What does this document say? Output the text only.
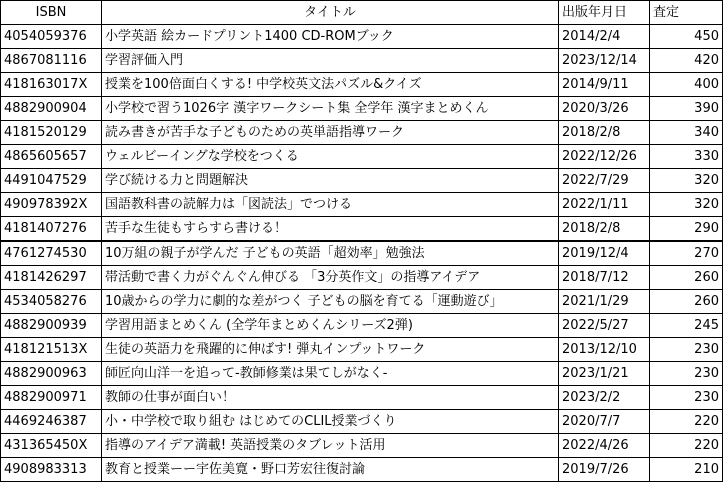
ISBN	タイトル	出版年月日	査定
4054059376	小学英語 絵カードプリント1400 CD-ROMブック	2014/2/4	450
4867081116	学習評価入門	2023/12/14	420
418163017X	授業を100倍面白くする! 中学校英文法パズル&クイズ	2014/9/11	400
4882900904	小学校で習う1026字 漢字ワークシート集 全学年 漢字まとめくん	2020/3/26	390
4181520129	読み書きが苦手な子どものための英単語指導ワーク	2018/2/8	340
4865605657	ウェルビーイングな学校をつくる	2022/12/26	330
4491047529	学び続ける力と問題解決	2022/7/29	320
490978392X	国語教科書の読解力は「図読法」でつける	2022/1/11	320
4181407276	苦手な生徒もすらすら書ける！	2018/2/8	290
4761274530	10万組の親子が学んだ 子どもの英語「超効率」勉強法	2019/12/4	270
4181426297	帯活動で書く力がぐんぐん伸びる 「3分英作文」の指導アイデア	2018/7/12	260
4534058276	10歳からの学力に劇的な差がつく 子どもの脳を育てる「運動遊び」	2021/1/29	260
4882900939	学習用語まとめくん (全学年まとめくんシリーズ2弾)	2022/5/27	245
418121513X	生徒の英語力を飛躍的に伸ばす! 弾丸インプットワーク	2013/12/10	230
4882900963	師匠向山洋一を追って-教師修業は果てしがなく-	2023/1/21	230
4882900971	教師の仕事が面白い！	2023/2/2	230
4469246387	小・中学校で取り組む はじめてのCLIL授業づくり	2020/7/7	220
431365450X	指導のアイデア満載! 英語授業のタブレット活用	2022/4/26	220
4908983313	教育と授業ーー宇佐美寛・野口芳宏往復討論	2019/7/26	210
